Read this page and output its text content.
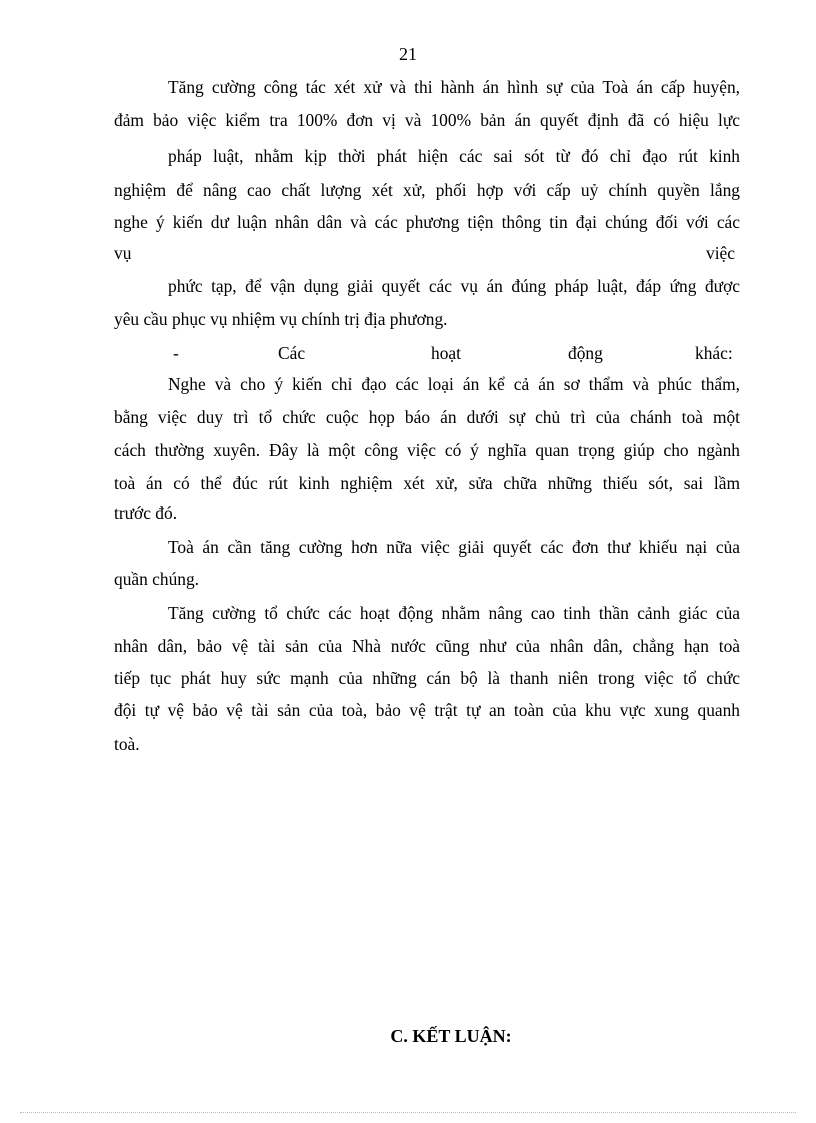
21
Tăng cường công tác xét xử và thi hành án hình sự của Toà án cấp huyện,
đảm bảo việc kiểm tra 100% đơn vị và 100% bản án quyết định đã có hiệu lực
pháp luật, nhằm kịp thời phát hiện các sai sót từ đó chỉ đạo rút kinh
nghiệm để nâng cao chất lượng xét xử, phối hợp với cấp uỷ chính quyền lắng
nghe ý kiến dư luận nhân dân và các phương tiện thông tin đại chúng đối với các
vụ	việc
phức tạp, để vận dụng giải quyết các vụ án đúng pháp luật, đáp ứng được
yêu cầu phục vụ nhiệm vụ chính trị địa phương.
-	Các	hoạt	động	khác:
Nghe và cho ý kiến chỉ đạo các loại án kể cả án sơ thẩm và phúc thẩm,
bằng việc duy trì tổ chức cuộc họp báo án dưới sự chủ trì của chánh toà một
cách thường xuyên. Đây là một công việc có ý nghĩa quan trọng giúp cho ngành
toà án có thể đúc rút kinh nghiệm xét xử, sửa chữa những thiếu sót, sai lầm
trước đó.
Toà án cần tăng cường hơn nữa việc giải quyết các đơn thư khiếu nại của
quần chúng.
Tăng cường tổ chức các hoạt động nhằm nâng cao tinh thần cảnh giác của
nhân dân, bảo vệ tài sản của Nhà nước cũng như của nhân dân, chẳng hạn toà
tiếp tục phát huy sức mạnh của những cán bộ là thanh niên trong việc tổ chức
đội tự vệ bảo vệ tài sản của toà, bảo vệ trật tự an toàn của khu vực xung quanh
toà.
C. KẾT LUẬN:
